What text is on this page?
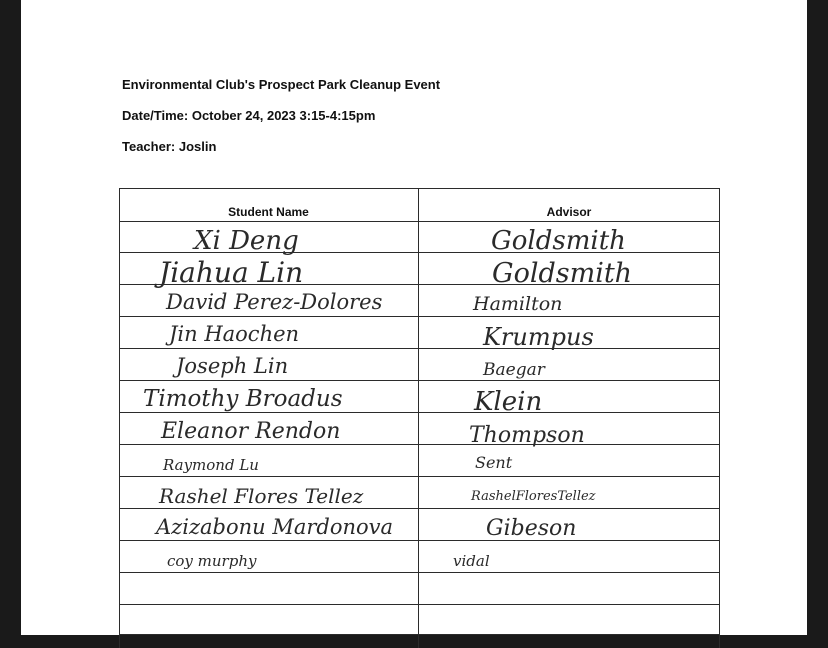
Environmental Club's Prospect Park Cleanup Event
Date/Time: October 24, 2023 3:15-4:15pm
Teacher: Joslin
Student Name	Advisor
Xi Deng
Jiahua Lin
David Perez-Dolores
Jin Haochen
Joseph Lin
Timothy Broadus
Eleanor Rendon
Raymond Lu
Rashel Flores Tellez
Azizabonu Mardonova
coy murphy
Goldsmith
Goldsmith
Hamilton
Krumpus
Baegar
Klein
Thompson
Sent
RashelFloresTellez
Gibeson
vidal
